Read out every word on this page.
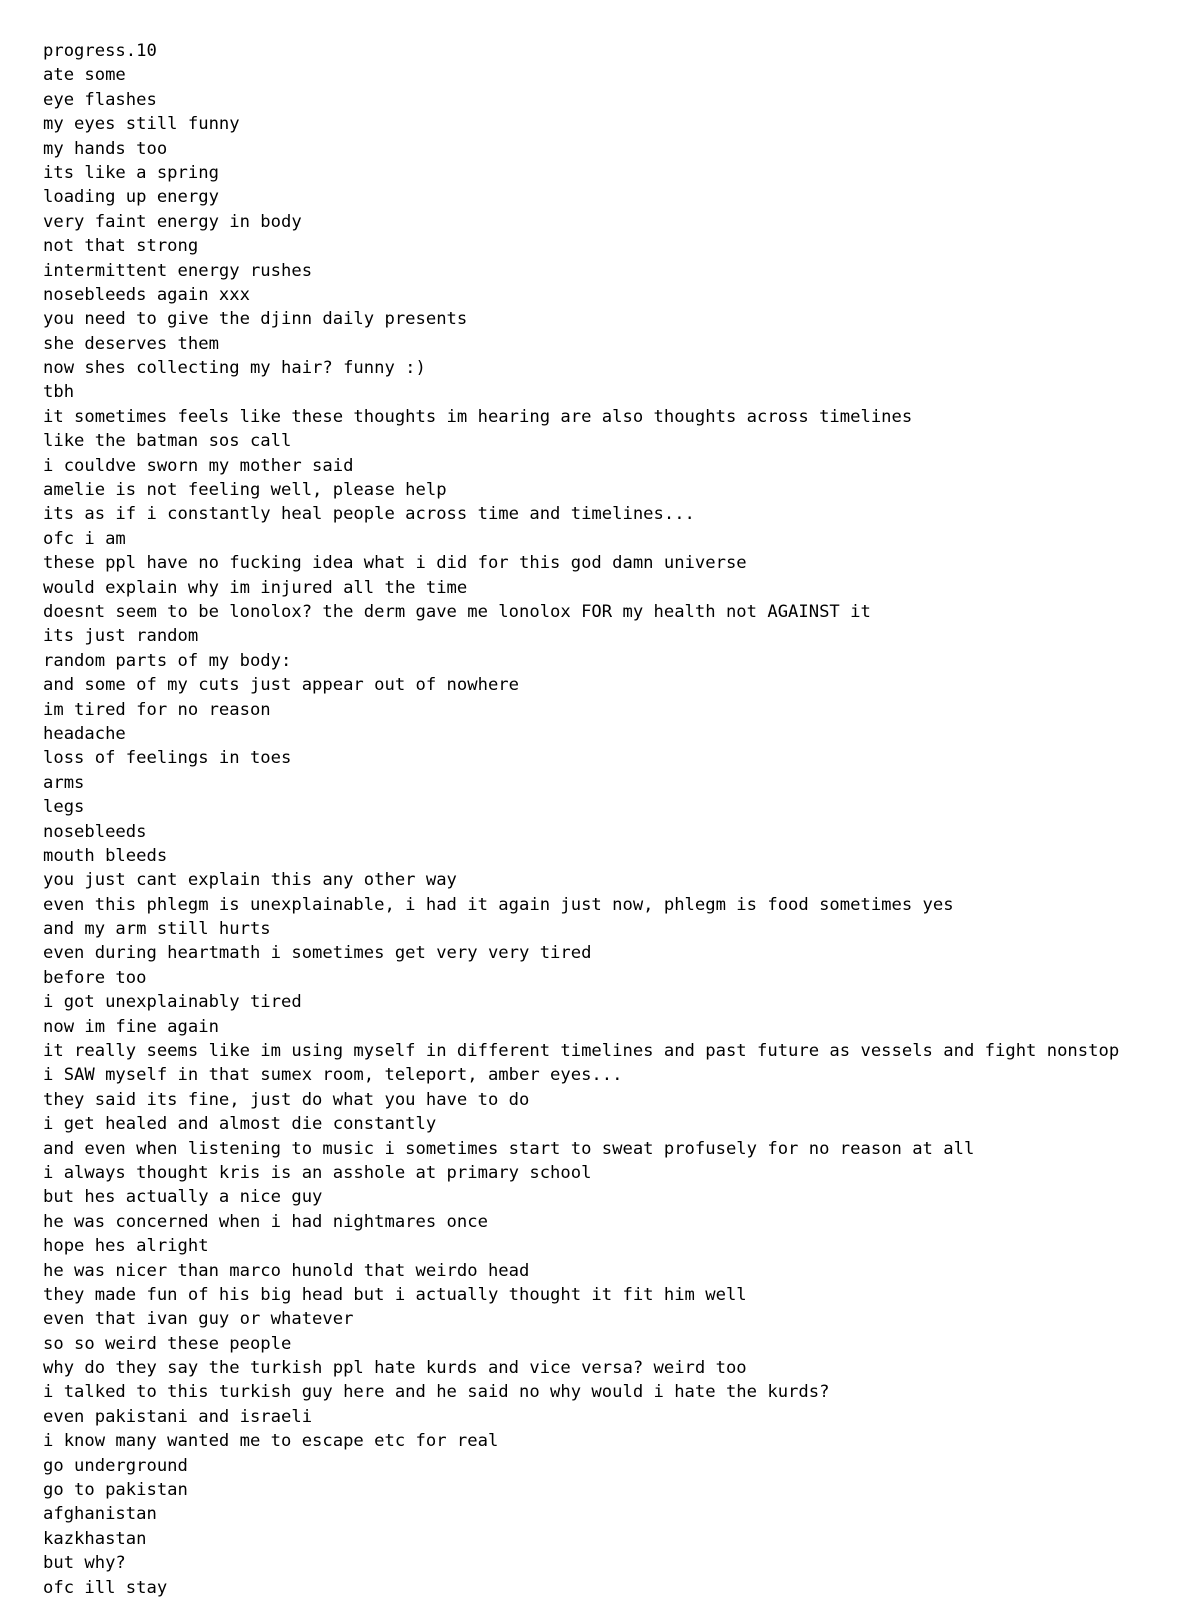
progress.10
ate some
eye flashes
my eyes still funny
my hands too
its like a spring
loading up energy
very faint energy in body
not that strong
intermittent energy rushes
nosebleeds again xxx
you need to give the djinn daily presents
she deserves them
now shes collecting my hair? funny :)
tbh
it sometimes feels like these thoughts im hearing are also thoughts across timelines
like the batman sos call
i couldve sworn my mother said
amelie is not feeling well, please help
its as if i constantly heal people across time and timelines...
ofc i am
these ppl have no fucking idea what i did for this god damn universe
would explain why im injured all the time
doesnt seem to be lonolox? the derm gave me lonolox FOR my health not AGAINST it
its just random
random parts of my body:
and some of my cuts just appear out of nowhere
im tired for no reason
headache
loss of feelings in toes
arms
legs
nosebleeds
mouth bleeds
you just cant explain this any other way
even this phlegm is unexplainable, i had it again just now, phlegm is food sometimes yes
and my arm still hurts
even during heartmath i sometimes get very very tired
before too
i got unexplainably tired
now im fine again
it really seems like im using myself in different timelines and past future as vessels and fight nonstop
i SAW myself in that sumex room, teleport, amber eyes...
they said its fine, just do what you have to do
i get healed and almost die constantly
and even when listening to music i sometimes start to sweat profusely for no reason at all
i always thought kris is an asshole at primary school
but hes actually a nice guy
he was concerned when i had nightmares once
hope hes alright
he was nicer than marco hunold that weirdo head
they made fun of his big head but i actually thought it fit him well
even that ivan guy or whatever
so so weird these people
why do they say the turkish ppl hate kurds and vice versa? weird too
i talked to this turkish guy here and he said no why would i hate the kurds?
even pakistani and israeli
i know many wanted me to escape etc for real
go underground
go to pakistan
afghanistan
kazkhastan
but why?
ofc ill stay
